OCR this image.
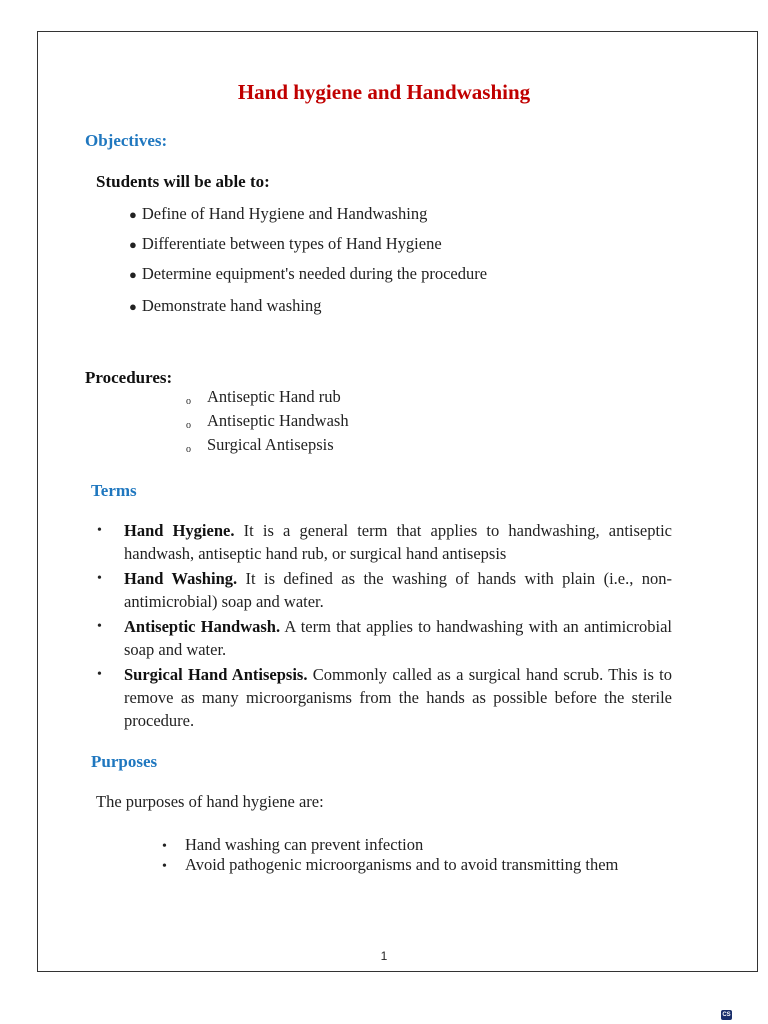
Hand hygiene and Handwashing
Objectives:
Students will be able to:
● Define of Hand Hygiene and Handwashing
● Differentiate between types of Hand Hygiene
● Determine equipment's needed during the procedure
● Demonstrate hand washing
Procedures:
o Antiseptic Hand rub
o Antiseptic Handwash
o Surgical Antisepsis
Terms
•	Hand Hygiene. It is a general term that applies to handwashing, antiseptic handwash, antiseptic hand rub, or surgical hand antisepsis
•	Hand Washing. It is defined as the washing of hands with plain (i.e., non-antimicrobial) soap and water.
•	Antiseptic Handwash. A term that applies to handwashing with an antimicrobial soap and water.
•	Surgical Hand Antisepsis. Commonly called as a surgical hand scrub. This is to remove as many microorganisms from the hands as possible before the sterile procedure.
Purposes
The purposes of hand hygiene are:
•	Hand washing can prevent infection
•	Avoid pathogenic microorganisms and to avoid transmitting them
1
CS
